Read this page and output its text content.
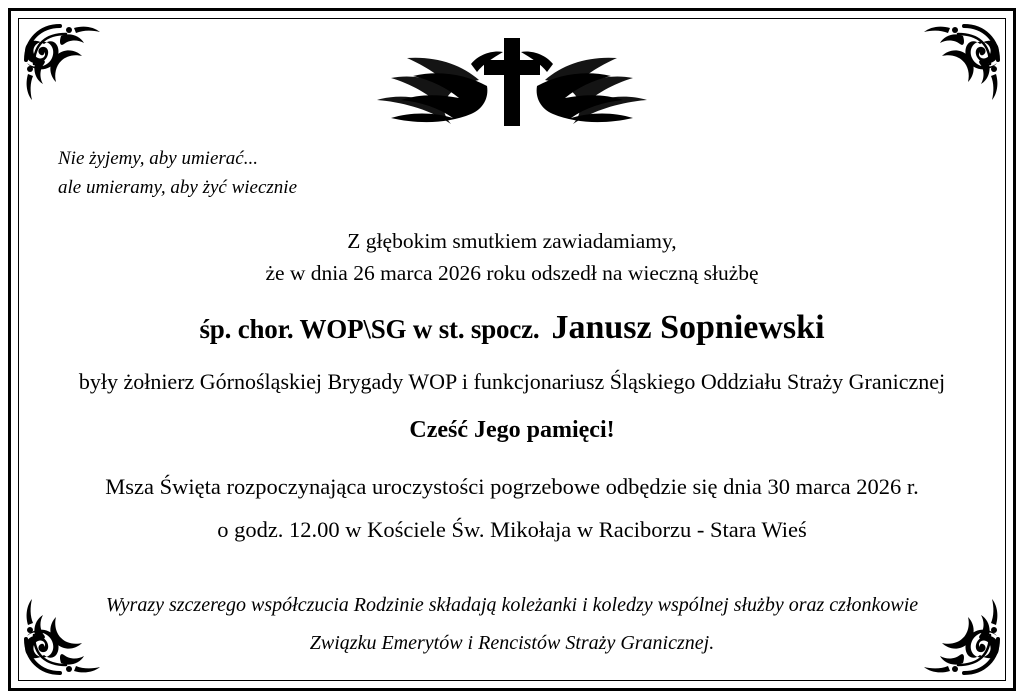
Nie żyjemy, aby umierać...
ale umieramy, aby żyć wiecznie
Z głębokim smutkiem zawiadamiamy,
że w dnia 26 marca 2026 roku odszedł na wieczną służbę
śp. chor. WOP\SG w st. spocz. Janusz Sopniewski
były żołnierz Górnośląskiej Brygady WOP i funkcjonariusz Śląskiego Oddziału Straży Granicznej
Cześć Jego pamięci!
Msza Święta rozpoczynająca uroczystości pogrzebowe odbędzie się dnia 30 marca 2026 r.
o godz. 12.00 w Kościele Św. Mikołaja w Raciborzu - Stara Wieś
Wyrazy szczerego współczucia Rodzinie składają koleżanki i koledzy wspólnej służby oraz członkowie
Związku Emerytów i Rencistów Straży Granicznej.
